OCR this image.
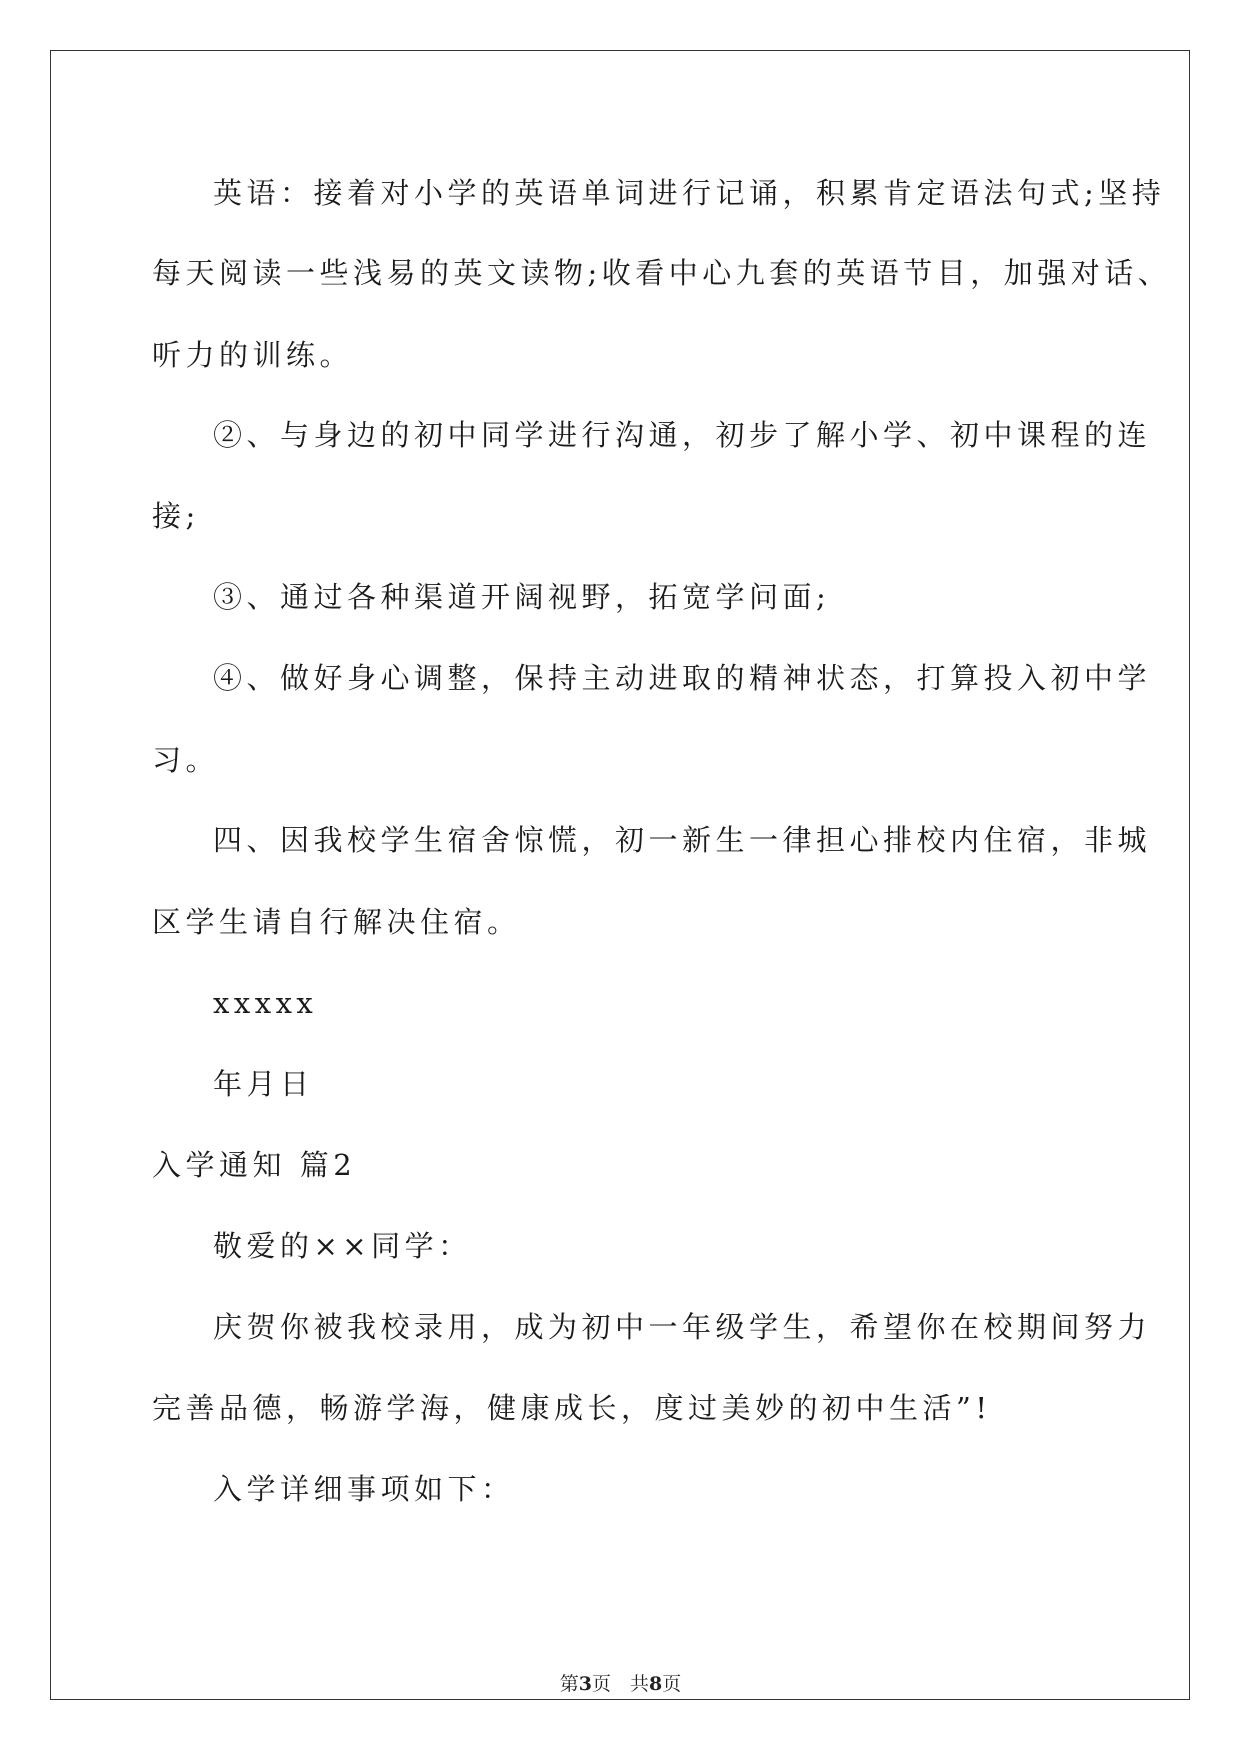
英语：接着对小学的英语单词进行记诵，积累肯定语法句式;坚持
每天阅读一些浅易的英文读物;收看中心九套的英语节目，加强对话、
听力的训练。
②、与身边的初中同学进行沟通，初步了解小学、初中课程的连
接;
③、通过各种渠道开阔视野，拓宽学问面;
④、做好身心调整，保持主动进取的精神状态，打算投入初中学
习。
四、因我校学生宿舍惊慌，初一新生一律担心排校内住宿，非城
区学生请自行解决住宿。
xxxxx
年月日
入学通知 篇2
敬爱的××同学：
庆贺你被我校录用，成为初中一年级学生，希望你在校期间努力
完善品德，畅游学海，健康成长，度过美妙的初中生活”!
入学详细事项如下：
第3页　共8页
